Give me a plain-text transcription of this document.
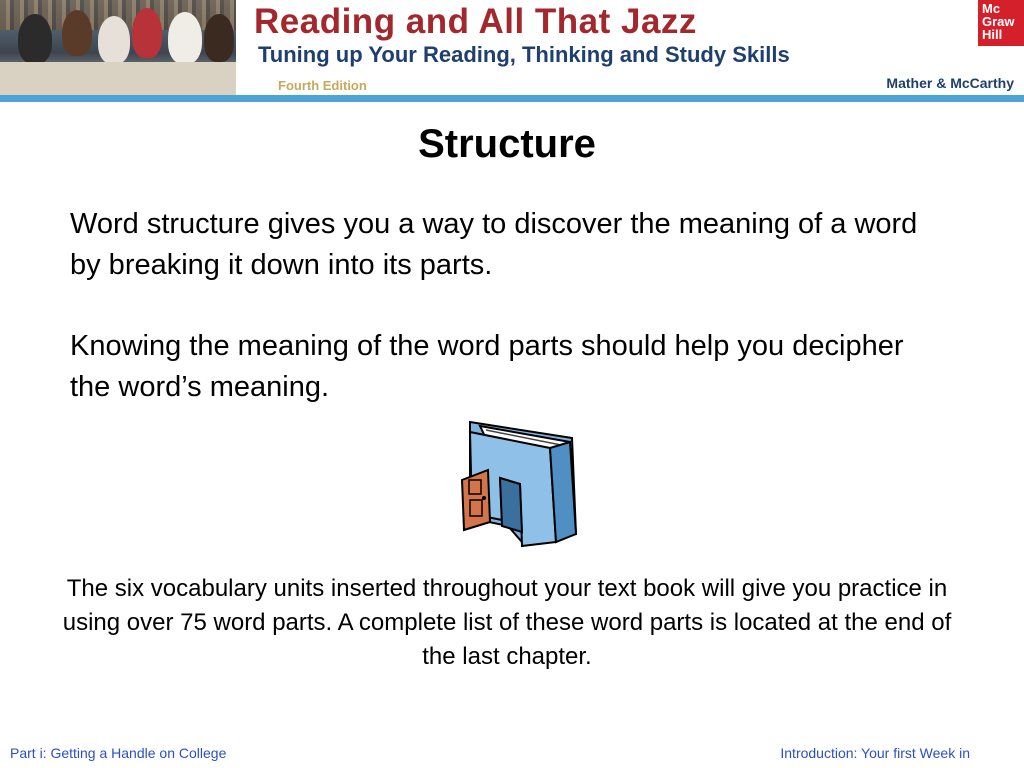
Reading and All That Jazz
Tuning up Your Reading, Thinking and Study Skills
Fourth Edition	Mather & McCarthy
Mc
Graw
Hill
Structure
Word structure gives you a way to discover the meaning of a word by breaking it down into its parts.
Knowing the meaning of the word parts should help you decipher the word’s meaning.
The six vocabulary units inserted throughout your text book will give you practice in using over 75 word parts. A complete list of these word parts is located at the end of the last chapter.
Part i: Getting a Handle on College	Introduction: Your first Week in
